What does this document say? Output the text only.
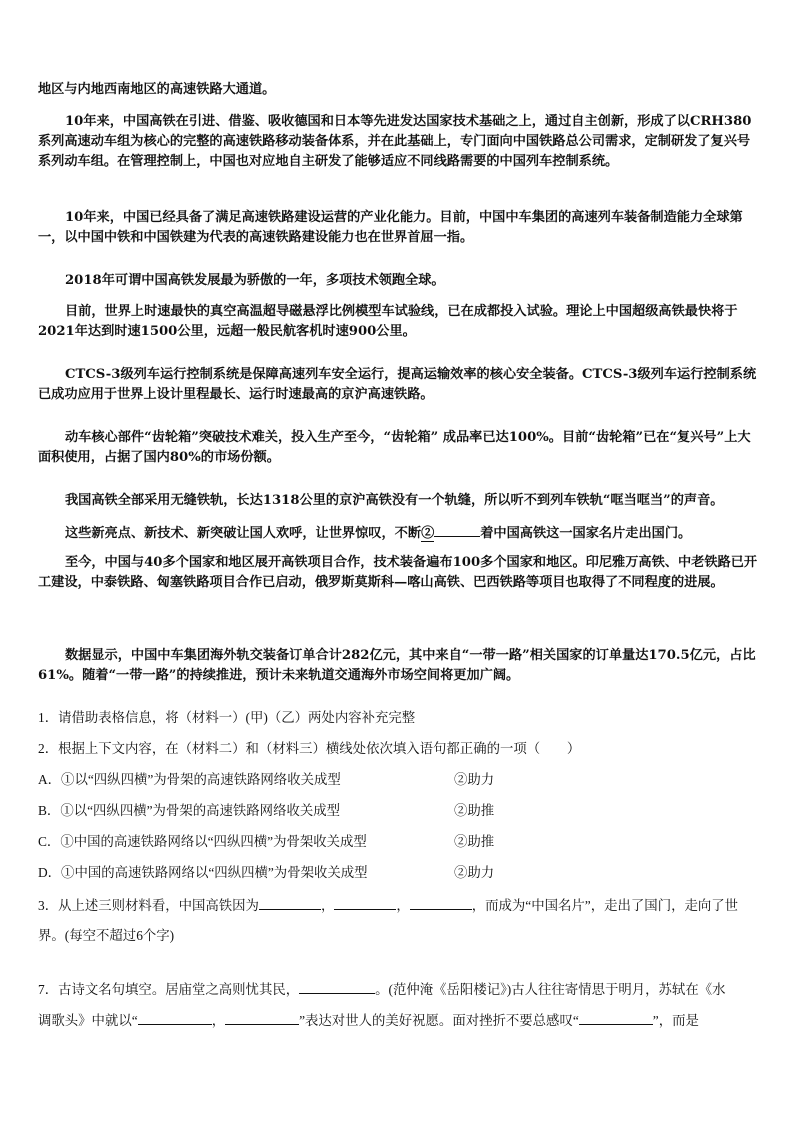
地区与内地西南地区的高速铁路大通道。
10年来，中国高铁在引进、借鉴、吸收德国和日本等先进发达国家技术基础之上，通过自主创新，形成了以CRH380系列高速动车组为核心的完整的高速铁路移动装备体系，并在此基础上，专门面向中国铁路总公司需求，定制研发了复兴号系列动车组。在管理控制上，中国也对应地自主研发了能够适应不同线路需要的中国列车控制系统。
10年来，中国已经具备了满足高速铁路建设运营的产业化能力。目前，中国中车集团的高速列车装备制造能力全球第一，以中国中铁和中国铁建为代表的高速铁路建设能力也在世界首屈一指。
2018年可谓中国高铁发展最为骄傲的一年，多项技术领跑全球。
目前，世界上时速最快的真空高温超导磁悬浮比例模型车试验线，已在成都投入试验。理论上中国超级高铁最快将于2021年达到时速1500公里，远超一般民航客机时速900公里。
CTCS-3级列车运行控制系统是保障高速列车安全运行，提高运输效率的核心安全装备。CTCS-3级列车运行控制系统已成功应用于世界上设计里程最长、运行时速最高的京沪高速铁路。
动车核心部件“齿轮箱”突破技术难关，投入生产至今，“齿轮箱” 成品率已达100%。目前“齿轮箱”已在“复兴号”上大面积使用，占据了国内80%的市场份额。
我国高铁全部采用无缝铁轨，长达1318公里的京沪高铁没有一个轨缝，所以听不到列车铁轨“哐当哐当”的声音。
这些新亮点、新技术、新突破让国人欢呼，让世界惊叹，不断②	着中国高铁这一国家名片走出国门。
至今，中国与40多个国家和地区展开高铁项目合作，技术装备遍布100多个国家和地区。印尼雅万高铁、中老铁路已开工建设，中泰铁路、匈塞铁路项目合作已启动，俄罗斯莫斯科—喀山高铁、巴西铁路等项目也取得了不同程度的进展。
数据显示，中国中车集团海外轨交装备订单合计282亿元，其中来自“一带一路”相关国家的订单量达170.5亿元，占比61%。随着“一带一路”的持续推进，预计未来轨道交通海外市场空间将更加广阔。
1．请借助表格信息，将（材料一）(甲)（乙）两处内容补充完整
2．根据上下文内容，在（材料二）和（材料三）横线处依次填入语句都正确的一项（　　）
A．①以“四纵四横”为骨架的高速铁路网络收关成型	②助力
B．①以“四纵四横”为骨架的高速铁路网络收关成型	②助推
C．①中国的高速铁路网络以“四纵四横”为骨架收关成型	②助推
D．①中国的高速铁路网络以“四纵四横”为骨架收关成型	②助力
3．从上述三则材料看，中国高铁因为	，	，	，而成为“中国名片”，走出了国门，走向了世
界。(每空不超过6个字)
7．古诗文名句填空。居庙堂之高则忧其民，	。(范仲淹《岳阳楼记》)古人往往寄情思于明月，苏轼在《水
调歌头》中就以“	，	”表达对世人的美好祝愿。面对挫折不要总感叹“	”，而是
